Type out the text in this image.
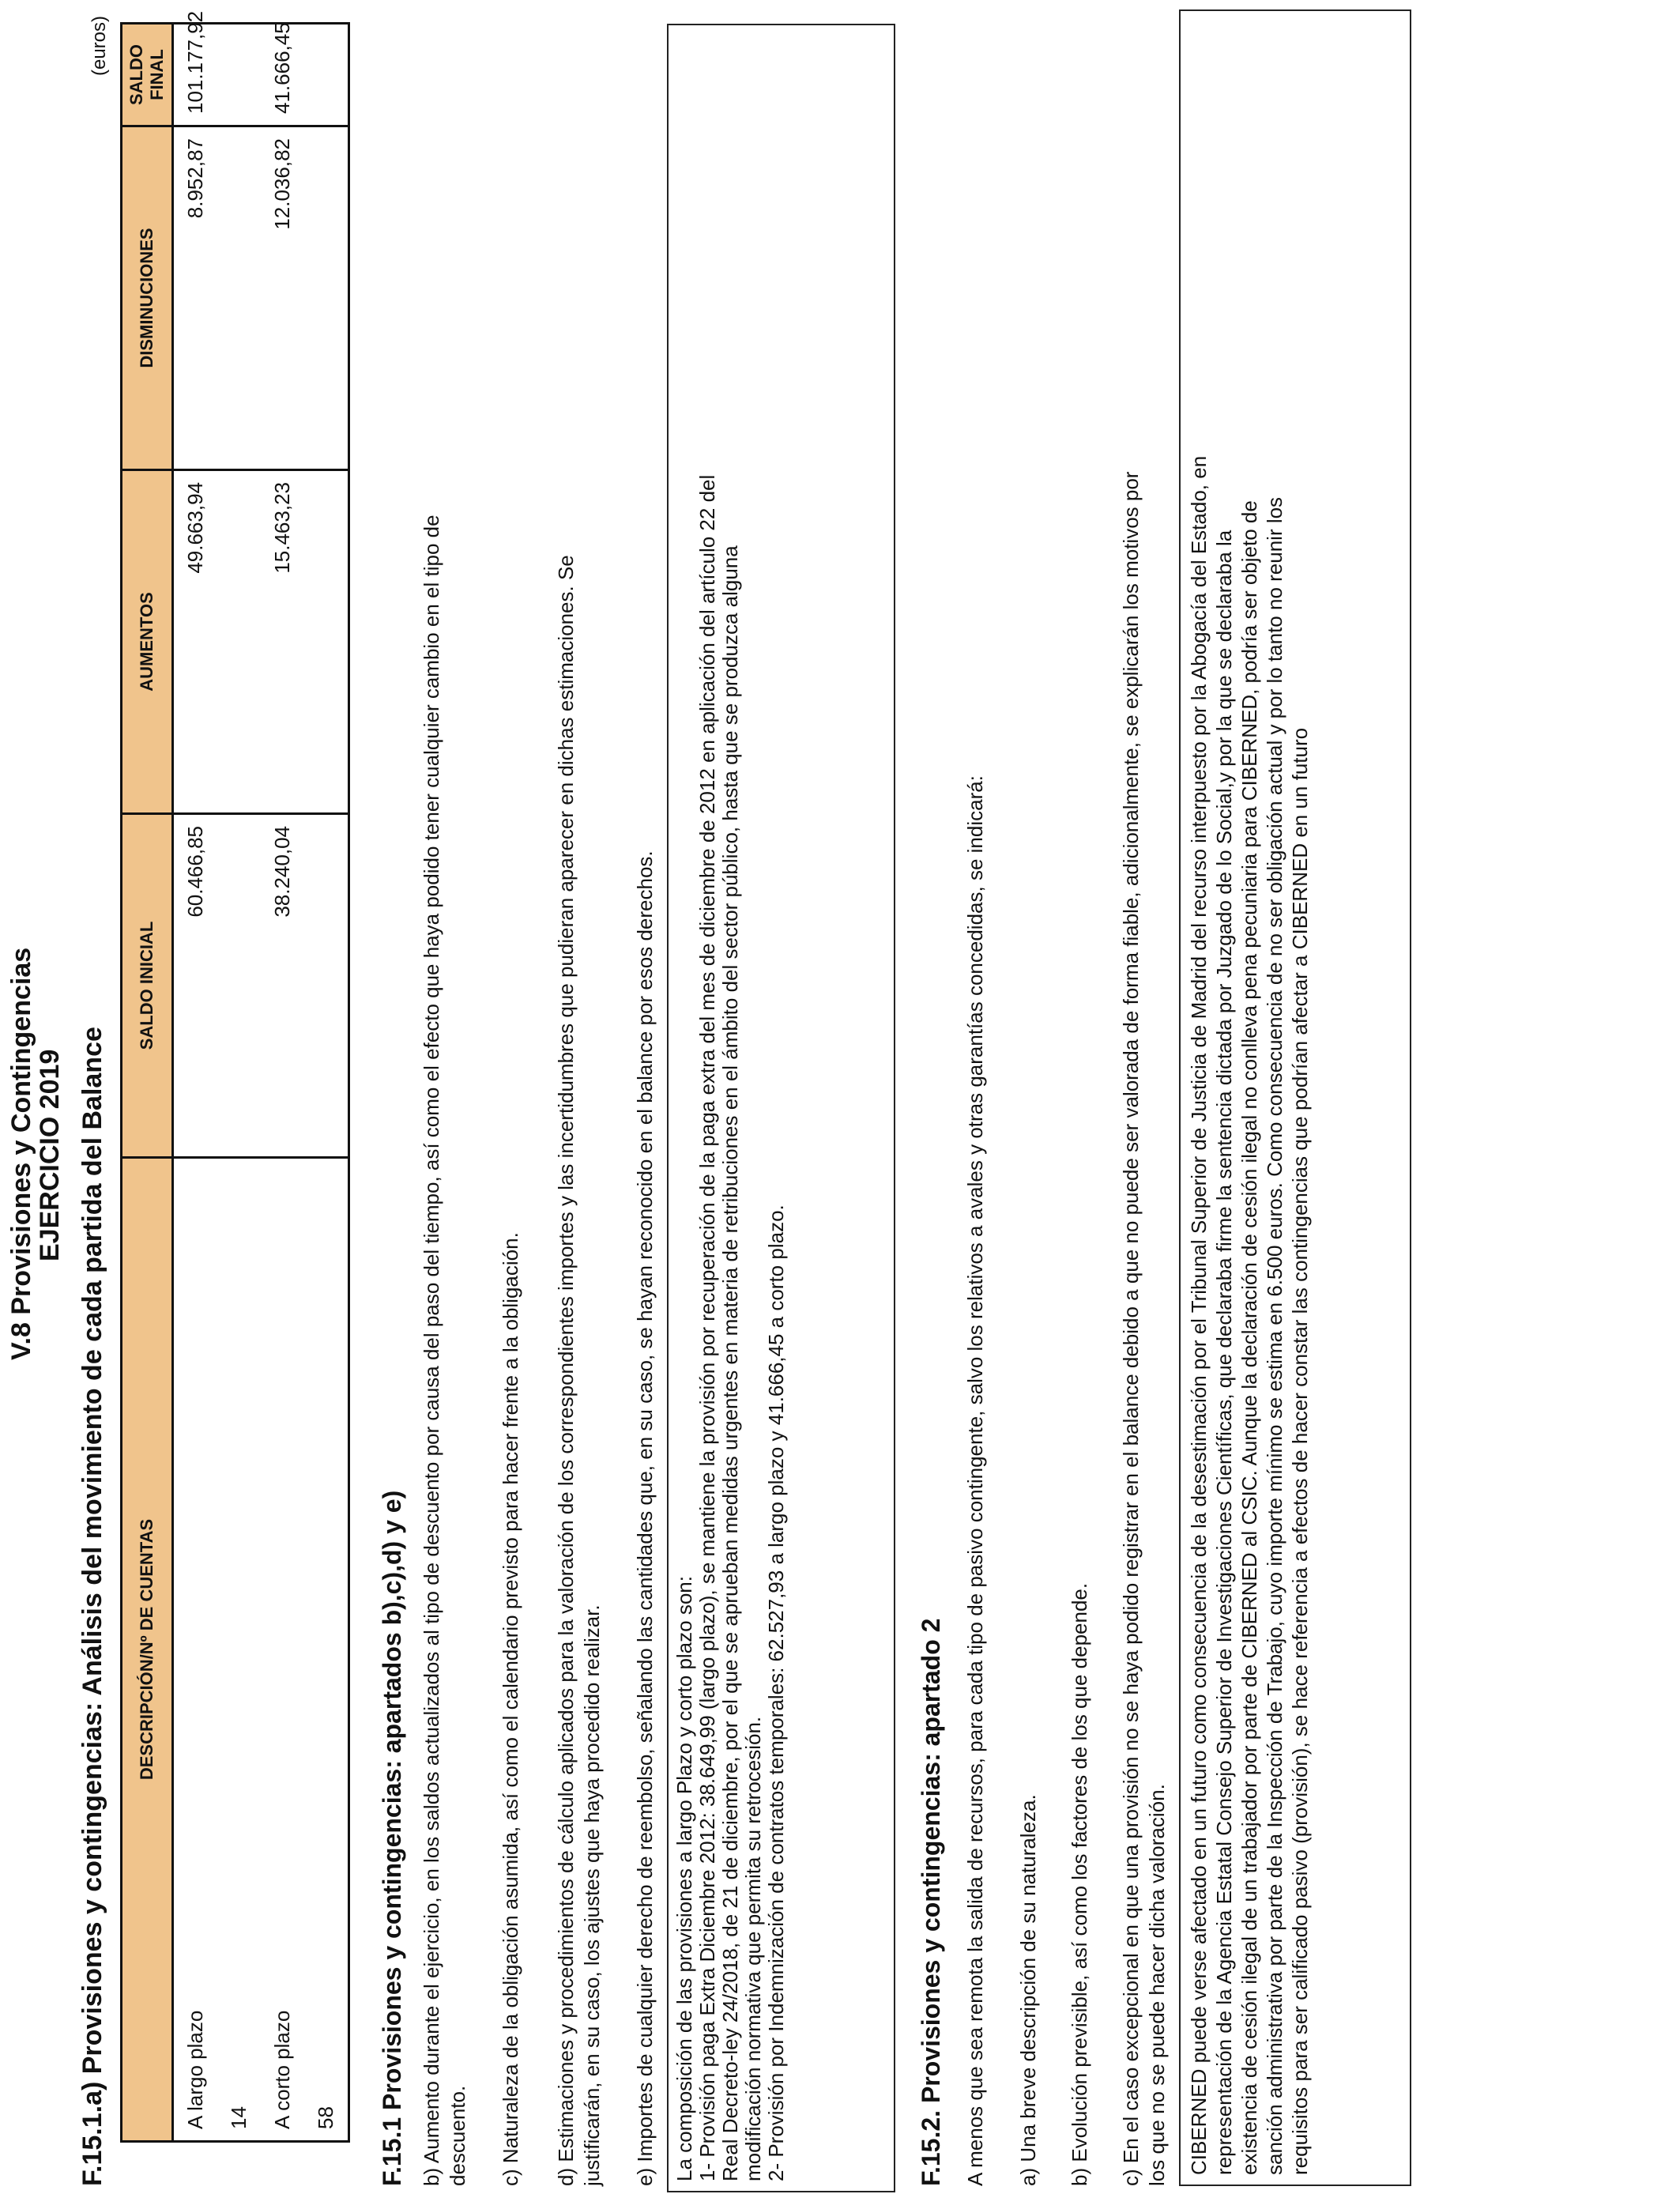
V.8 Provisiones y Contingencias
EJERCICIO 2019 F.15.1.a) Provisiones y contingencias: Análisis del movimiento de cada partida del Balance
(euros)
DESCRIPCIÓN/Nº DE CUENTAS	SALDO INICIAL	AUMENTOS	DISMINUCIONES	SALDO FINAL
A largo plazo	60.466,85	49.663,94	8.952,87	101.177,92
14				
A corto plazo	38.240,04	15.463,23	12.036,82	41.666,45
58				F.15.1 Provisiones y contingencias: apartados b),c),d) y e) b) Aumento durante el ejercicio, en los saldos actualizados al tipo de descuento por causa del paso del tiempo, así como el efecto que haya podido tener cualquier cambio en el tipo de descuento. c) Naturaleza de la obligación asumida, así como el calendario previsto para hacer frente a la obligación. d) Estimaciones y procedimientos de cálculo aplicados para la valoración de los correspondientes importes y las incertidumbres que pudieran aparecer en dichas estimaciones. Se justificarán, en su caso, los ajustes que haya procedido realizar. e) Importes de cualquier derecho de reembolso, señalando las cantidades que, en su caso, se hayan reconocido en el balance por esos derechos. La composición de las provisiones a largo Plazo y corto plazo son: 1- Provisión paga Extra Diciembre 2012: 38.649,99 (largo plazo), se mantiene la provisión por recuperación de la paga extra del mes de diciembre de 2012 en aplicación del artículo 22 del Real Decreto-ley 24/2018, de 21 de diciembre, por el que se aprueban medidas urgentes en materia de retribuciones en el ámbito del sector público, hasta que se produzca alguna modificación normativa que permita su retrocesión. 2- Provisión por Indemnización de contratos temporales: 62.527,93 a largo plazo y 41.666,45 a corto plazo.	F.15.2. Provisiones y contingencias: apartado 2 A menos que sea remota la salida de recursos, para cada tipo de pasivo contingente, salvo los relativos a avales y otras garantías concedidas, se indicará: a) Una breve descripción de su naturaleza. b) Evolución previsible, así como los factores de los que depende. c) En el caso excepcional en que una provisión no se haya podido registrar en el balance debido a que no puede ser valorada de forma fiable, adicionalmente, se explicarán los motivos por los que no se puede hacer dicha valoración. CIBERNED puede verse afectado en un futuro como consecuencia de la desestimación por el Tribunal Superior de Justicia de Madrid del recurso interpuesto por la Abogacía del Estado, en representación de la Agencia Estatal Consejo Superior de Investigaciones Científicas, que declaraba firme la sentencia dictada por Juzgado de lo Social,y por la que se declaraba la existencia de cesión ilegal de un trabajador por parte de CIBERNED al CSIC. Aunque la declaración de cesión ilegal no conlleva pena pecuniaria para CIBERNED, podría ser objeto de sanción administrativa por parte de la Inspección de Trabajo, cuyo importe mínimo se estima en 6.500 euros. Como consecuencia de no ser obligación actual y por lo tanto no reunir los requisitos para ser calificado pasivo (provisión), se hace referencia a efectos de hacer constar las contingencias que podrían afectar a CIBERNED en un futuro
